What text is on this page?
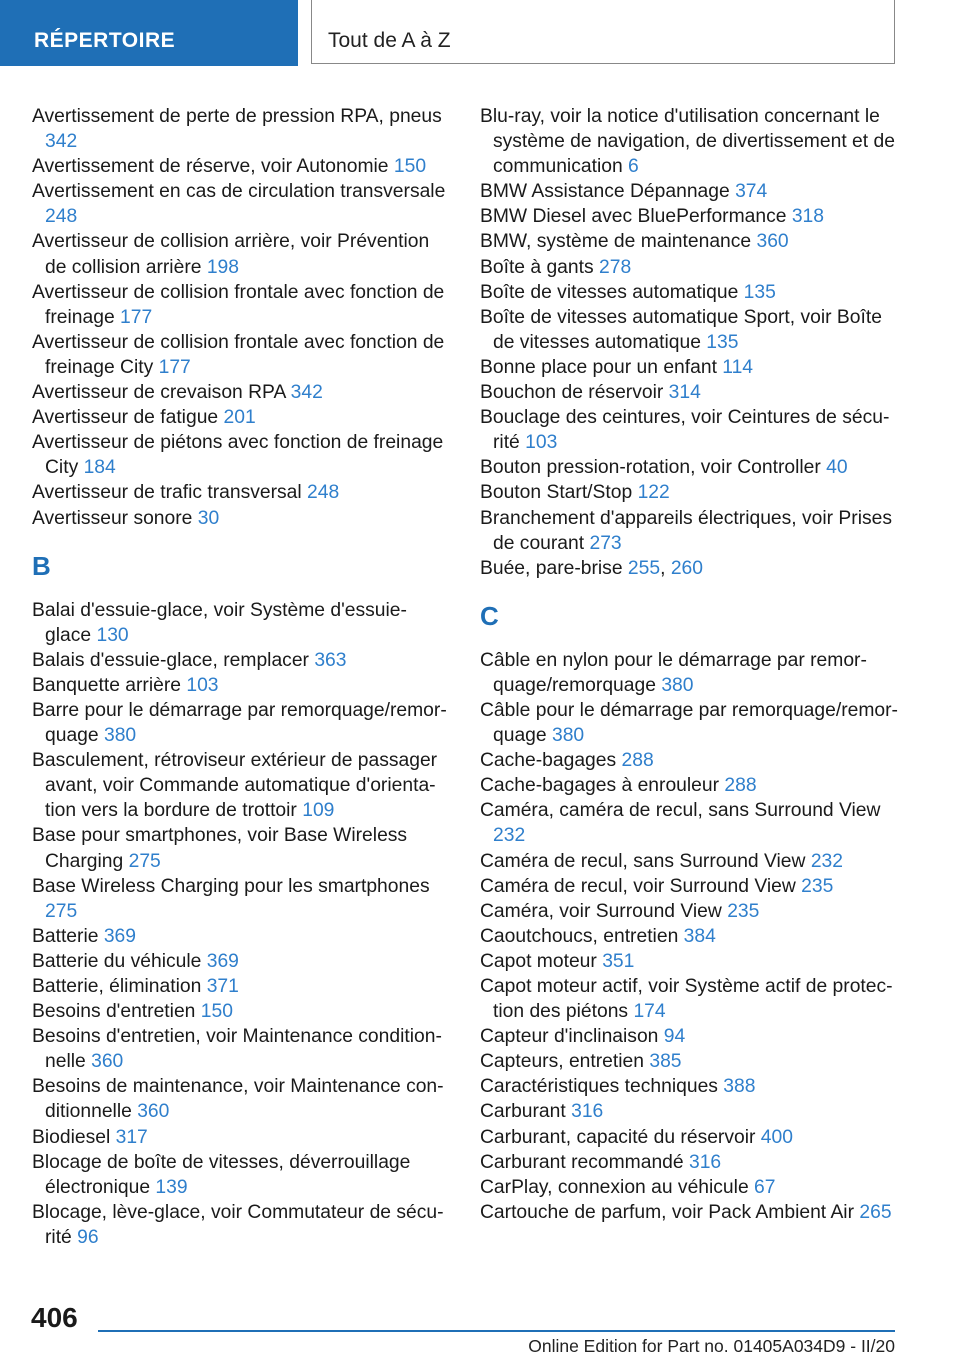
RÉPERTOIRE	Tout de A à Z

Avertissement de perte de pression RPA, pneus 342

Avertissement de réserve, voir Autonomie 150

Avertissement en cas de circulation transversale 248

Avertisseur de collision arrière, voir Prévention de collision arrière 198

Avertisseur de collision frontale avec fonction de freinage 177

Avertisseur de collision frontale avec fonction de freinage City 177

Avertisseur de crevaison RPA 342

Avertisseur de fatigue 201

Avertisseur de piétons avec fonction de freinage City 184

Avertisseur de trafic transversal 248

Avertisseur sonore 30

B

Balai d'essuie-glace, voir Système d'essuie-glace 130

Balais d'essuie-glace, remplacer 363

Banquette arrière 103

Barre pour le démarrage par remorquage/remorquage 380

Basculement, rétroviseur extérieur de passager avant, voir Commande automatique d'orientation vers la bordure de trottoir 109

Base pour smartphones, voir Base Wireless Charging 275

Base Wireless Charging pour les smartphones 275

Batterie 369

Batterie du véhicule 369

Batterie, élimination 371

Besoins d'entretien 150

Besoins d'entretien, voir Maintenance conditionnelle 360

Besoins de maintenance, voir Maintenance conditionnelle 360

Biodiesel 317

Blocage de boîte de vitesses, déverrouillage électronique 139

Blocage, lève-glace, voir Commutateur de sécurité 96

Blu-ray, voir la notice d'utilisation concernant le système de navigation, de divertissement et de communication 6

BMW Assistance Dépannage 374

BMW Diesel avec BluePerformance 318

BMW, système de maintenance 360

Boîte à gants 278

Boîte de vitesses automatique 135

Boîte de vitesses automatique Sport, voir Boîte de vitesses automatique 135

Bonne place pour un enfant 114

Bouchon de réservoir 314

Bouclage des ceintures, voir Ceintures de sécurité 103

Bouton pression-rotation, voir Controller 40

Bouton Start/Stop 122

Branchement d'appareils électriques, voir Prises de courant 273

Buée, pare-brise 255, 260

C

Câble en nylon pour le démarrage par remorquage/remorquage 380

Câble pour le démarrage par remorquage/remorquage 380

Cache-bagages 288

Cache-bagages à enrouleur 288

Caméra, caméra de recul, sans Surround View 232

Caméra de recul, sans Surround View 232

Caméra de recul, voir Surround View 235

Caméra, voir Surround View 235

Caoutchoucs, entretien 384

Capot moteur 351

Capot moteur actif, voir Système actif de protection des piétons 174

Capteur d'inclinaison 94

Capteurs, entretien 385

Caractéristiques techniques 388

Carburant 316

Carburant, capacité du réservoir 400

Carburant recommandé 316

CarPlay, connexion au véhicule 67

Cartouche de parfum, voir Pack Ambient Air 265

406
Online Edition for Part no. 01405A034D9 - II/20
